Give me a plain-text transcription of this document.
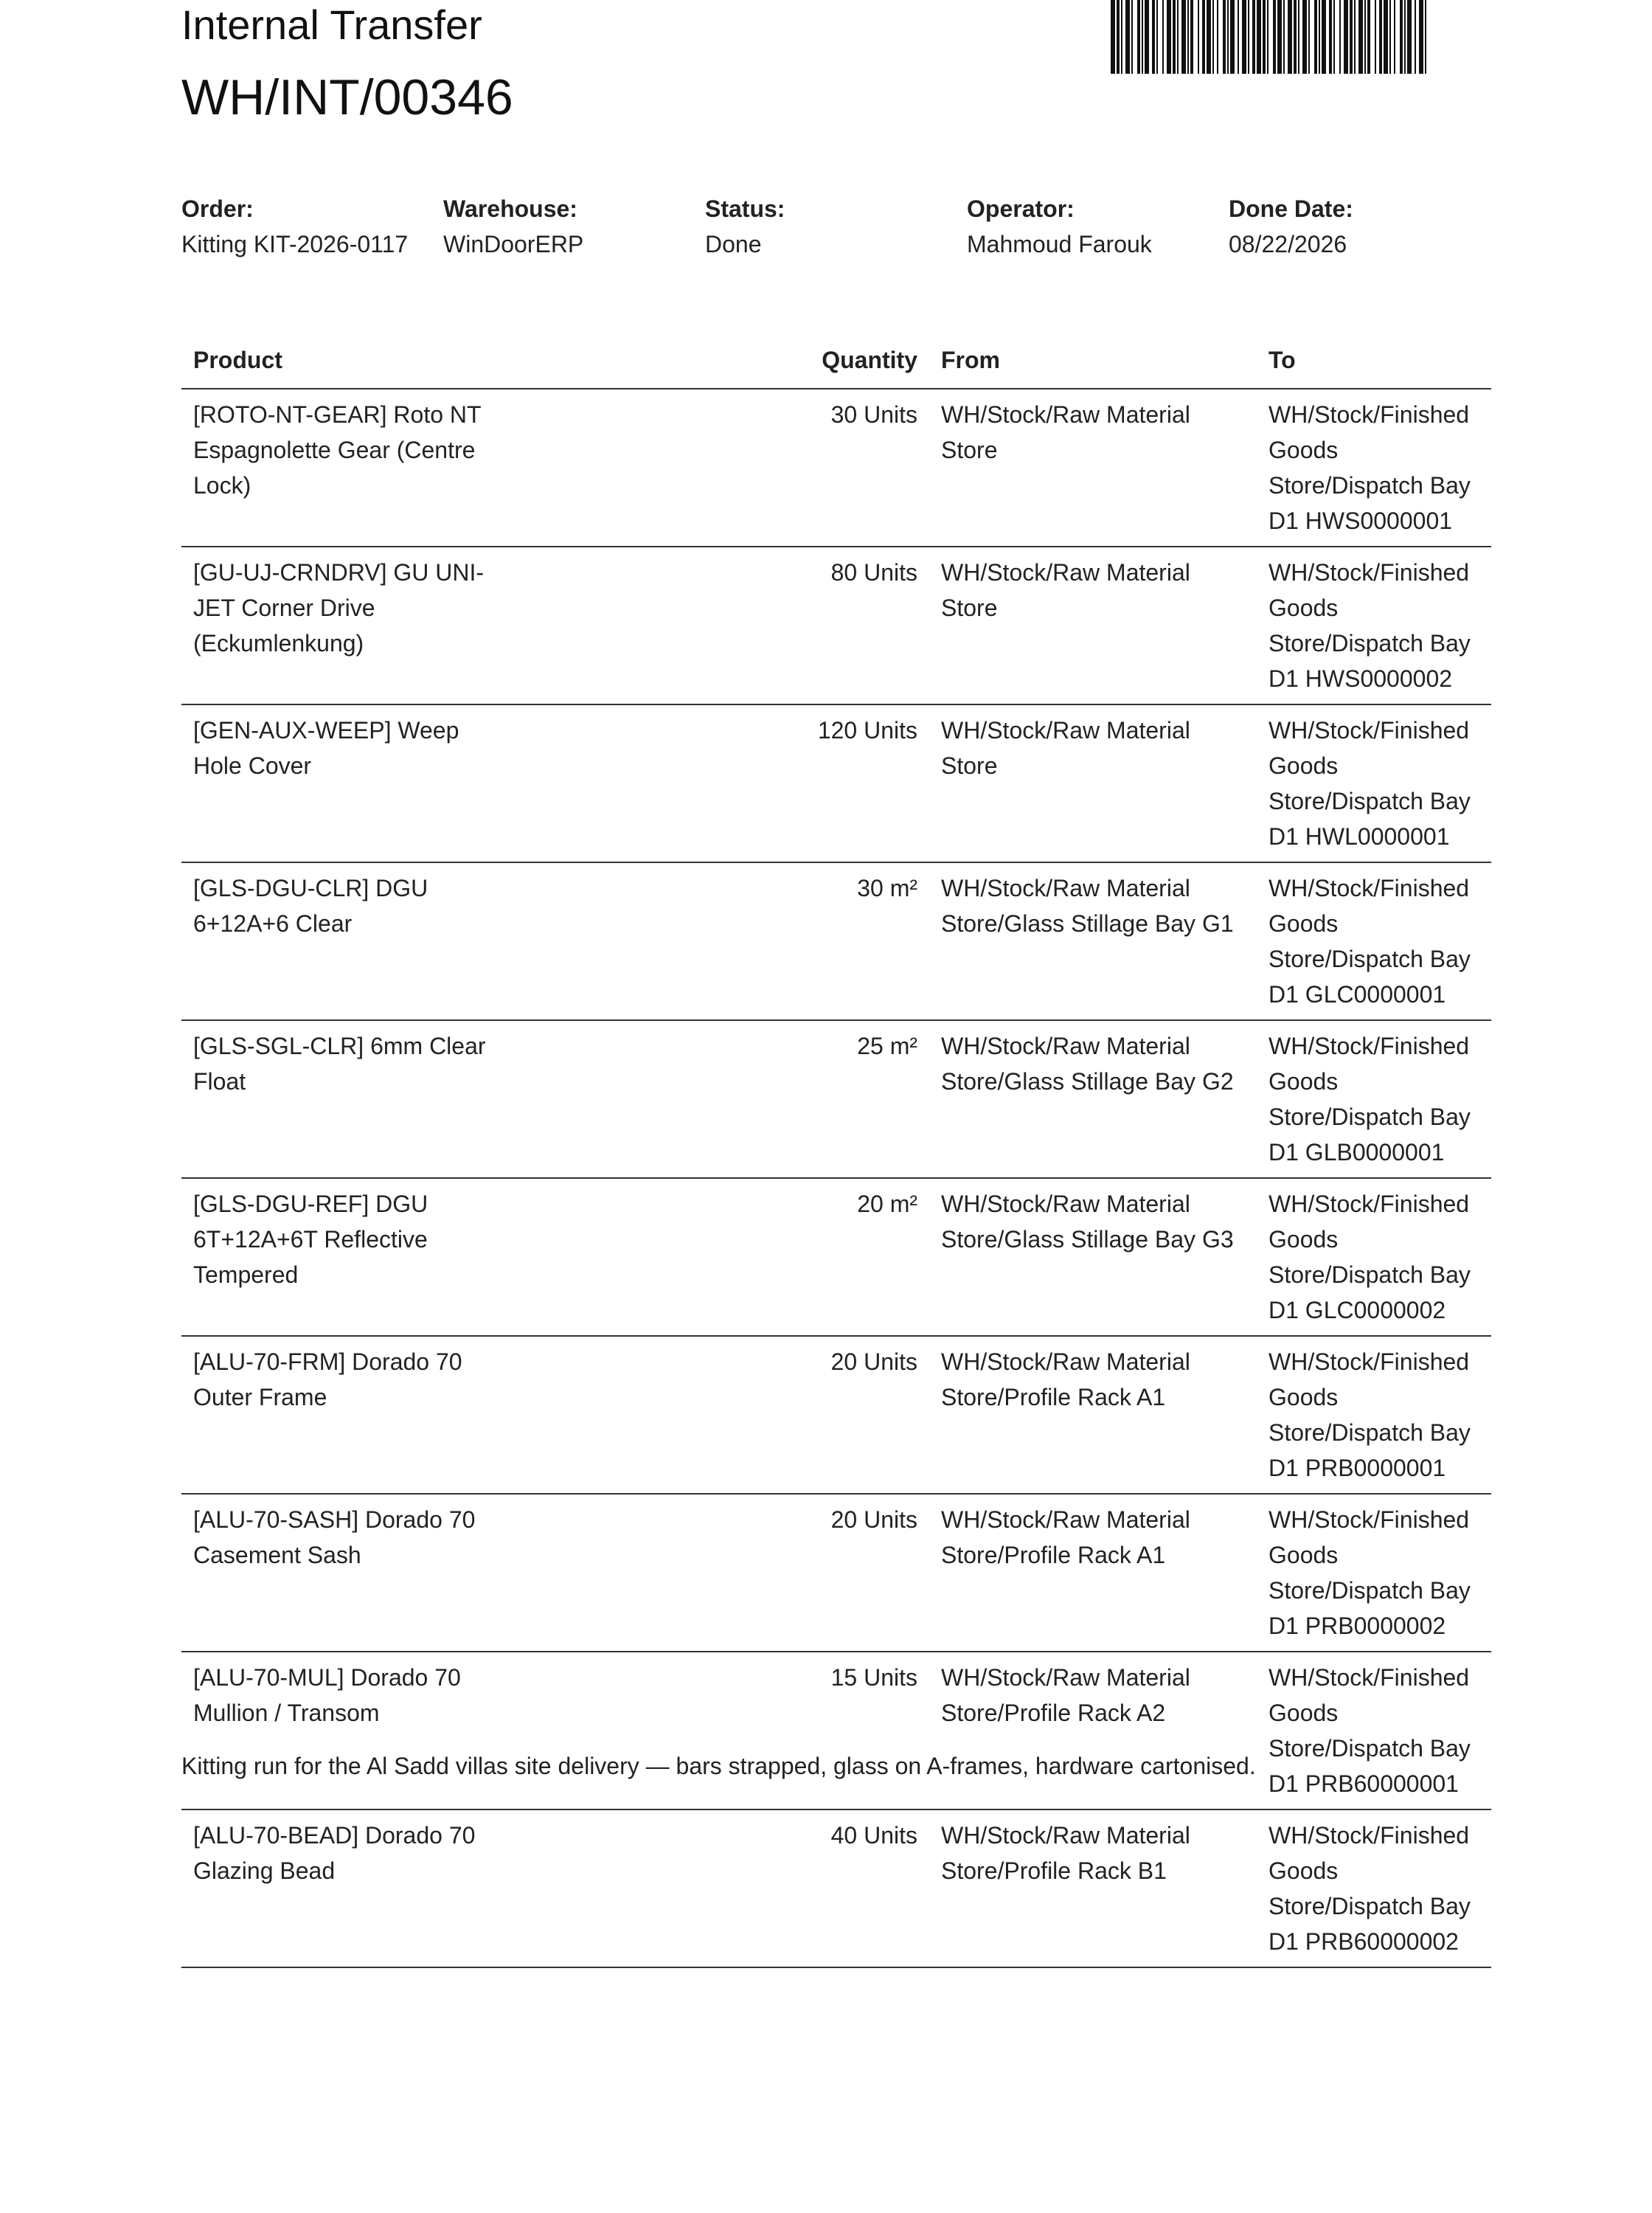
Internal Transfer
WH/INT/00346
Order:
Kitting KIT-2026-0117
Warehouse:
WinDoorERP
Status:
Done
Operator:
Mahmoud Farouk
Done Date:
08/22/2026
Product		Quantity	From	To
[ROTO-NT-GEAR] Roto NT Espagnolette Gear (Centre Lock)		30 Units	WH/Stock/Raw Material Store	WH/Stock/Finished Goods Store/Dispatch Bay D1 HWS0000001
[GU-UJ-CRNDRV] GU UNI-JET Corner Drive (Eckumlenkung)		80 Units	WH/Stock/Raw Material Store	WH/Stock/Finished Goods Store/Dispatch Bay D1 HWS0000002
[GEN-AUX-WEEP] Weep Hole Cover		120 Units	WH/Stock/Raw Material Store	WH/Stock/Finished Goods Store/Dispatch Bay D1 HWL0000001
[GLS-DGU-CLR] DGU 6+12A+6 Clear		30 m²	WH/Stock/Raw Material Store/Glass Stillage Bay G1	WH/Stock/Finished Goods Store/Dispatch Bay D1 GLC0000001
[GLS-SGL-CLR] 6mm Clear Float		25 m²	WH/Stock/Raw Material Store/Glass Stillage Bay G2	WH/Stock/Finished Goods Store/Dispatch Bay D1 GLB0000001
[GLS-DGU-REF] DGU 6T+12A+6T Reflective Tempered		20 m²	WH/Stock/Raw Material Store/Glass Stillage Bay G3	WH/Stock/Finished Goods Store/Dispatch Bay D1 GLC0000002
[ALU-70-FRM] Dorado 70 Outer Frame		20 Units	WH/Stock/Raw Material Store/Profile Rack A1	WH/Stock/Finished Goods Store/Dispatch Bay D1 PRB0000001
[ALU-70-SASH] Dorado 70 Casement Sash		20 Units	WH/Stock/Raw Material Store/Profile Rack A1	WH/Stock/Finished Goods Store/Dispatch Bay D1 PRB0000002
[ALU-70-MUL] Dorado 70 Mullion / Transom		15 Units	WH/Stock/Raw Material Store/Profile Rack A2	WH/Stock/Finished Goods Store/Dispatch Bay D1 PRB60000001
[ALU-70-BEAD] Dorado 70 Glazing Bead		40 Units	WH/Stock/Raw Material Store/Profile Rack B1	WH/Stock/Finished Goods Store/Dispatch Bay D1 PRB60000002
Kitting run for the Al Sadd villas site delivery — bars strapped, glass on A-frames, hardware cartonised.
